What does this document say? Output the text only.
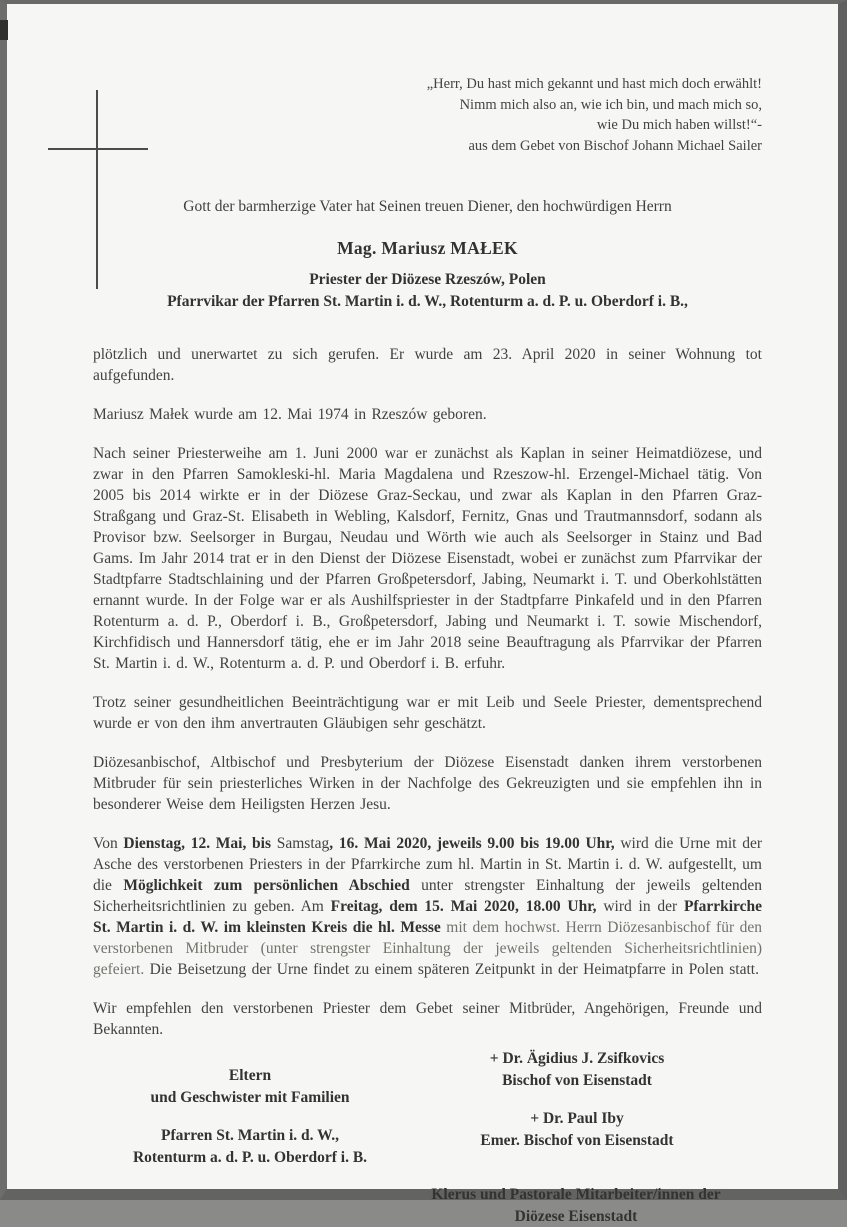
„Herr, Du hast mich gekannt und hast mich doch erwählt!
Nimm mich also an, wie ich bin, und mach mich so,
wie Du mich haben willst!“-
aus dem Gebet von Bischof Johann Michael Sailer
Gott der barmherzige Vater hat Seinen treuen Diener, den hochwürdigen Herrn
Mag. Mariusz MAŁEK
Priester der Diözese Rzeszów, Polen
Pfarrvikar der Pfarren St. Martin i. d. W., Rotenturm a. d. P. u. Oberdorf i. B.,

plötzlich und unerwartet zu sich gerufen. Er wurde am 23. April 2020 in seiner Wohnung tot aufgefunden.

Mariusz Małek wurde am 12. Mai 1974 in Rzeszów geboren.

Nach seiner Priesterweihe am 1. Juni 2000 war er zunächst als Kaplan in seiner Heimatdiözese, und zwar in den Pfarren Samokleski-hl. Maria Magdalena und Rzeszow-hl. Erzengel-Michael tätig. Von 2005 bis 2014 wirkte er in der Diözese Graz-Seckau, und zwar als Kaplan in den Pfarren Graz-Straßgang und Graz-St. Elisabeth in Webling, Kalsdorf, Fernitz, Gnas und Trautmannsdorf, sodann als Provisor bzw. Seelsorger in Burgau, Neudau und Wörth wie auch als Seelsorger in Stainz und Bad Gams. Im Jahr 2014 trat er in den Dienst der Diözese Eisenstadt, wobei er zunächst zum Pfarrvikar der Stadtpfarre Stadtschlaining und der Pfarren Großpetersdorf, Jabing, Neumarkt i. T. und Oberkohlstätten ernannt wurde. In der Folge war er als Aushilfspriester in der Stadtpfarre Pinkafeld und in den Pfarren Rotenturm a. d. P., Oberdorf i. B., Großpetersdorf, Jabing und Neumarkt i. T. sowie Mischendorf, Kirchfidisch und Hannersdorf tätig, ehe er im Jahr 2018 seine Beauftragung als Pfarrvikar der Pfarren St. Martin i. d. W., Rotenturm a. d. P. und Oberdorf i. B. erfuhr.

Trotz seiner gesundheitlichen Beeinträchtigung war er mit Leib und Seele Priester, dementsprechend wurde er von den ihm anvertrauten Gläubigen sehr geschätzt.

Diözesanbischof, Altbischof und Presbyterium der Diözese Eisenstadt danken ihrem verstorbenen Mitbruder für sein priesterliches Wirken in der Nachfolge des Gekreuzigten und sie empfehlen ihn in besonderer Weise dem Heiligsten Herzen Jesu.

Von Dienstag, 12. Mai, bis Samstag, 16. Mai 2020, jeweils 9.00 bis 19.00 Uhr, wird die Urne mit der Asche des verstorbenen Priesters in der Pfarrkirche zum hl. Martin in St. Martin i. d. W. aufgestellt, um die Möglichkeit zum persönlichen Abschied unter strengster Einhaltung der jeweils geltenden Sicherheitsrichtlinien zu geben. Am Freitag, dem 15. Mai 2020, 18.00 Uhr, wird in der Pfarrkirche St. Martin i. d. W. im kleinsten Kreis die hl. Messe mit dem hochwst. Herrn Diözesanbischof für den verstorbenen Mitbruder (unter strengster Einhaltung der jeweils geltenden Sicherheitsrichtlinien) gefeiert. Die Beisetzung der Urne findet zu einem späteren Zeitpunkt in der Heimatpfarre in Polen statt.

Wir empfehlen den verstorbenen Priester dem Gebet seiner Mitbrüder, Angehörigen, Freunde und Bekannten.

Eltern
und Geschwister mit Familien
Pfarren St. Martin i. d. W.,
Rotenturm a. d. P. u. Oberdorf i. B.
+ Dr. Ägidius J. Zsifkovics
Bischof von Eisenstadt
+ Dr. Paul Iby
Emer. Bischof von Eisenstadt
Klerus und Pastorale Mitarbeiter/innen der
Diözese Eisenstadt
